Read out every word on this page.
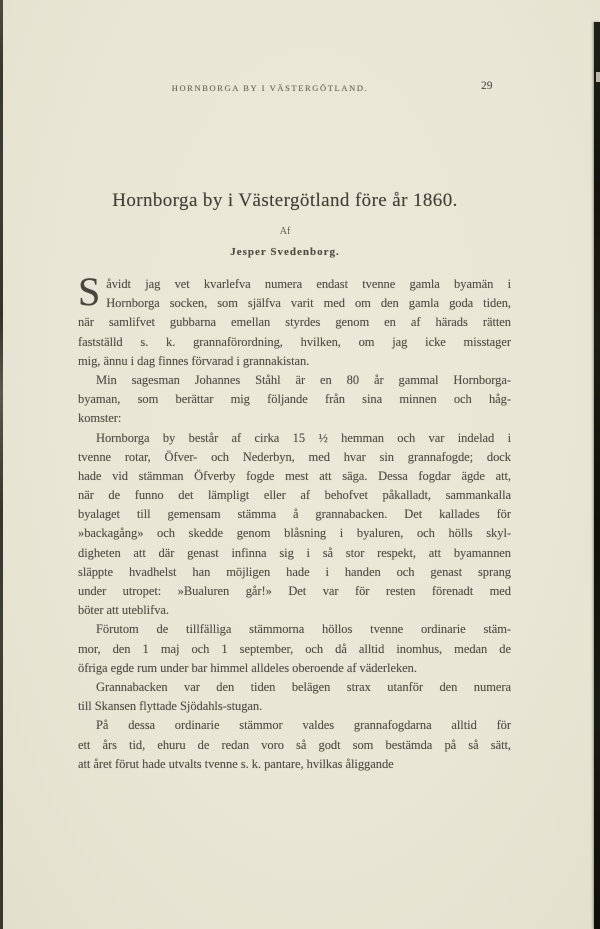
HORNBORGA BY I VÄSTERGÖTLAND.	29
Hornborga by i Västergötland före år 1860.
Af
Jesper Svedenborg.
S åvidt jag vet kvarlefva numera endast tvenne gamla byamän i
Hornborga socken, som själfva varit med om den gamla goda tiden,
när samlifvet gubbarna emellan styrdes genom en af härads rätten
fastställd s. k. grannaförordning, hvilken, om jag icke misstager
mig, ännu i dag finnes förvarad i grannakistan.
Min sagesman Johannes Ståhl är en 80 år gammal Hornborga-
byaman, som berättar mig följande från sina minnen och håg-
komster:
Hornborga by består af cirka 15 ½ hemman och var indelad i
tvenne rotar, Öfver- och Nederbyn, med hvar sin grannafogde; dock
hade vid stämman Öfverby fogde mest att säga. Dessa fogdar ägde att,
när de funno det lämpligt eller af behofvet påkalladt, sammankalla
byalaget till gemensam stämma å grannabacken. Det kallades för
»backagång» och skedde genom blåsning i byaluren, och hölls skyl-
digheten att där genast infinna sig i så stor respekt, att byamannen
släppte hvadhelst han möjligen hade i handen och genast sprang
under utropet: »Bualuren går!» Det var för resten förenadt med
böter att uteblifva.
Förutom de tillfälliga stämmorna höllos tvenne ordinarie stäm-
mor, den 1 maj och 1 september, och då alltid inomhus, medan de
öfriga egde rum under bar himmel alldeles oberoende af väderleken.
Grannabacken var den tiden belägen strax utanför den numera
till Skansen flyttade Sjödahls-stugan.
På dessa ordinarie stämmor valdes grannafogdarna alltid för
ett års tid, ehuru de redan voro så godt som bestämda på så sätt,
att året förut hade utvalts tvenne s. k. pantare, hvilkas åliggande
